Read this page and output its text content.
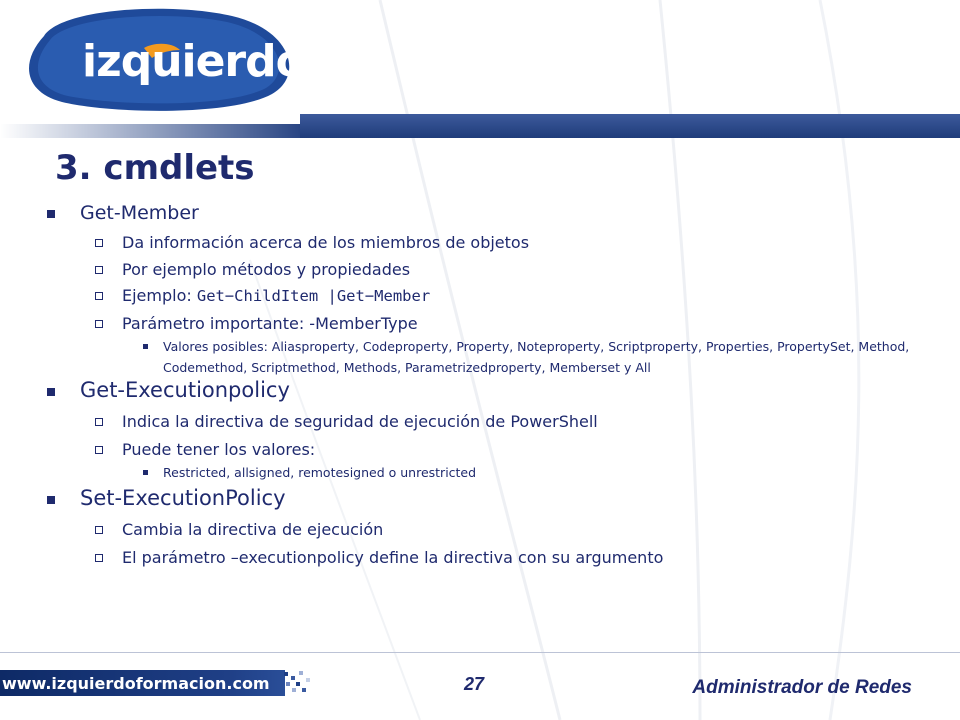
izquierdo
3. cmdlets
Get-Member
Da información acerca de los miembros de objetos
Por ejemplo métodos y propiedades
Ejemplo: Get−ChildItem |Get−Member
Parámetro importante: -MemberType
Valores posibles: Aliasproperty, Codeproperty, Property, Noteproperty, Scriptproperty, Properties, PropertySet, Method, Codemethod, Scriptmethod, Methods, Parametrizedproperty, Memberset y All
Get-Executionpolicy
Indica la directiva de seguridad de ejecución de PowerShell
Puede tener los valores:
Restricted, allsigned, remotesigned o unrestricted
Set-ExecutionPolicy
Cambia la directiva de ejecución
El parámetro –executionpolicy define la directiva con su argumento
www.izquierdoformacion.com	27	Administrador de Redes
